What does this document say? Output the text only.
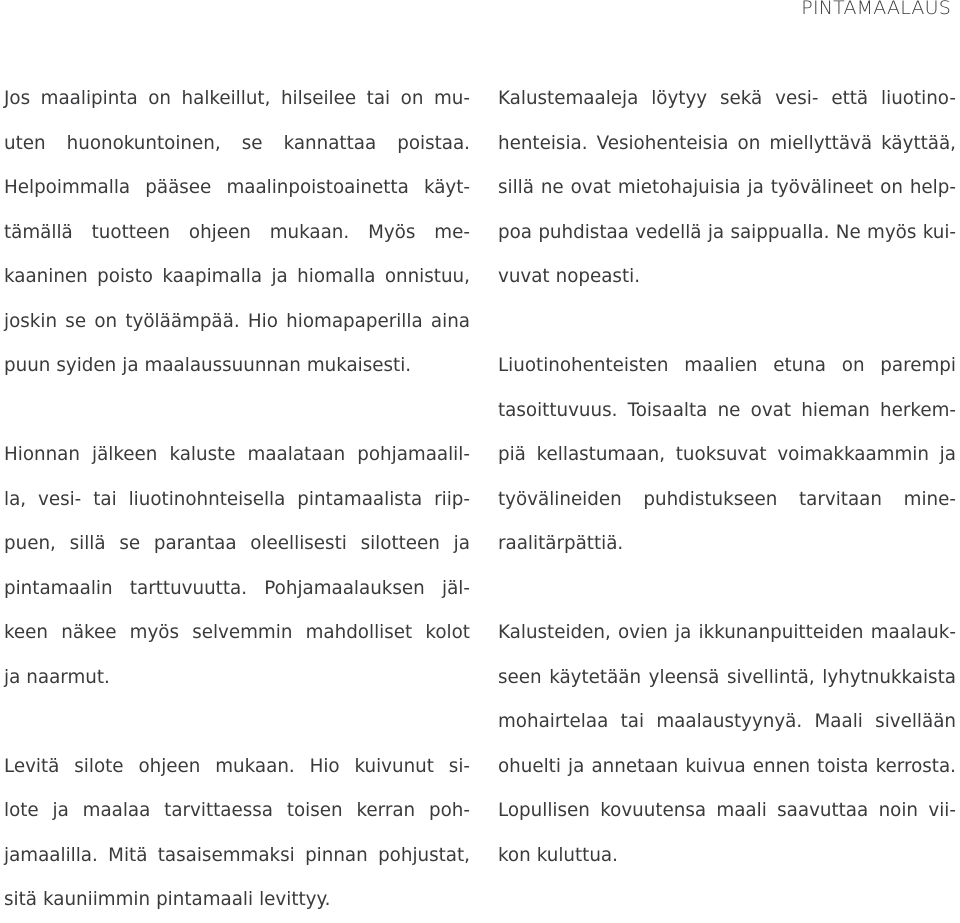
PINTAMAALAUS
Jos maalipinta on halkeillut, hilseilee tai on mu-
uten huonokuntoinen, se kannattaa poistaa.
Helpoimmalla pääsee maalinpoistoainetta käyt-
tämällä tuotteen ohjeen mukaan. Myös me-
kaaninen poisto kaapimalla ja hiomalla onnistuu,
joskin se on työläämpää. Hio hiomapaperilla aina
puun syiden ja maalaussuunnan mukaisesti.
Hionnan jälkeen kaluste maalataan pohjamaalil-
la, vesi- tai liuotinohnteisella pintamaalista riip-
puen, sillä se parantaa oleellisesti silotteen ja
pintamaalin tarttuvuutta. Pohjamaalauksen jäl-
keen näkee myös selvemmin mahdolliset kolot
ja naarmut.
Levitä silote ohjeen mukaan. Hio kuivunut si-
lote ja maalaa tarvittaessa toisen kerran poh-
jamaalilla. Mitä tasaisemmaksi pinnan pohjustat,
sitä kauniimmin pintamaali levittyy.
Kalustemaaleja löytyy sekä vesi- että liuotino-
henteisia. Vesiohenteisia on miellyttävä käyttää,
sillä ne ovat mietohajuisia ja työvälineet on help-
poa puhdistaa vedellä ja saippualla. Ne myös kui-
vuvat nopeasti.
Liuotinohenteisten maalien etuna on parempi
tasoittuvuus. Toisaalta ne ovat hieman herkem-
piä kellastumaan, tuoksuvat voimakkaammin ja
työvälineiden puhdistukseen tarvitaan mine-
raalitärpättiä.
Kalusteiden, ovien ja ikkunanpuitteiden maalauk-
seen käytetään yleensä sivellintä, lyhytnukkaista
mohairtelaa tai maalaustyynyä. Maali sivellään
ohuelti ja annetaan kuivua ennen toista kerrosta.
Lopullisen kovuutensa maali saavuttaa noin vii-
kon kuluttua.
